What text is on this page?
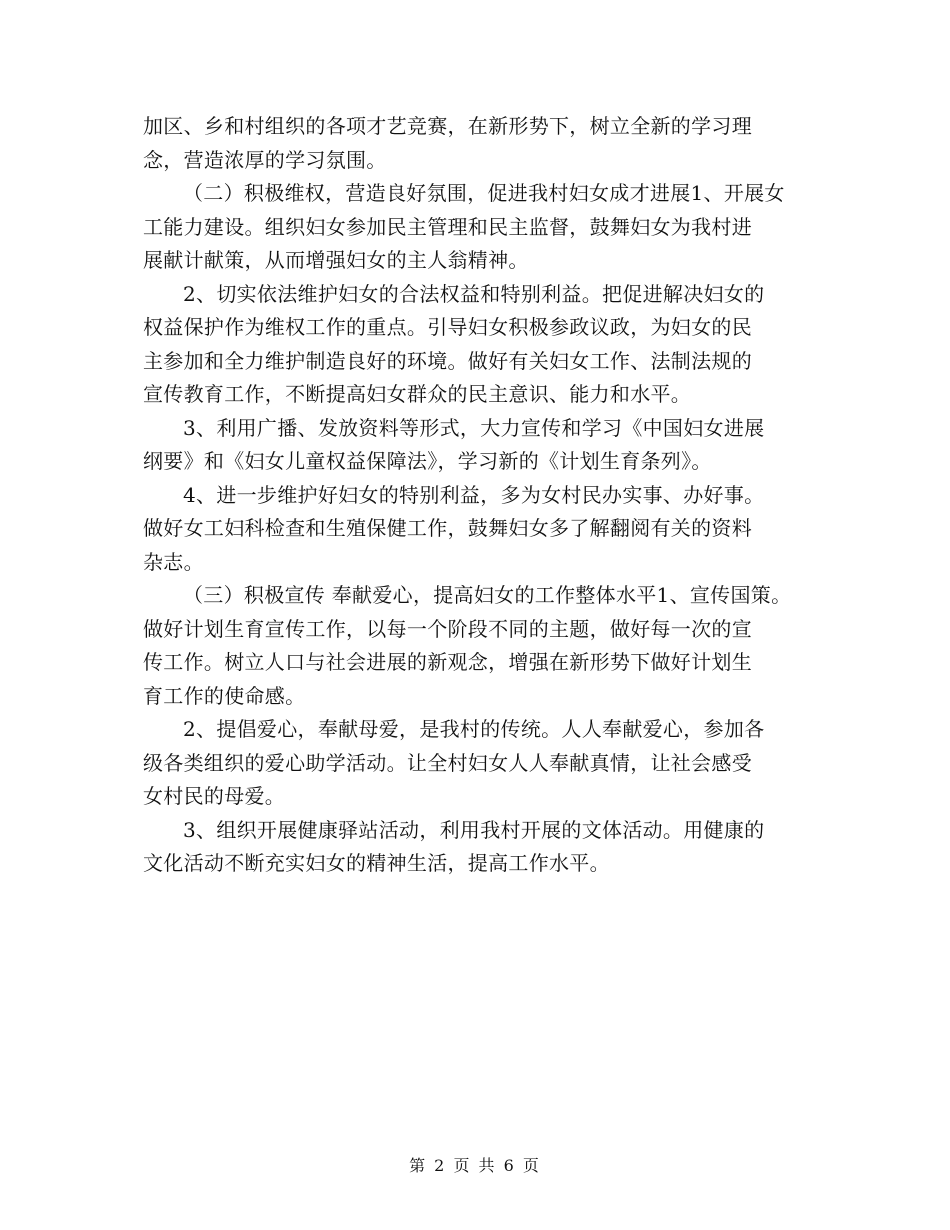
加区、乡和村组织的各项才艺竞赛，在新形势下，树立全新的学习理
念，营造浓厚的学习氛围。
（二）积极维权，营造良好氛围，促进我村妇女成才进展1、开展女
工能力建设。组织妇女参加民主管理和民主监督，鼓舞妇女为我村进
展献计献策，从而增强妇女的主人翁精神。
2、切实依法维护妇女的合法权益和特别利益。把促进解决妇女的
权益保护作为维权工作的重点。引导妇女积极参政议政，为妇女的民
主参加和全力维护制造良好的环境。做好有关妇女工作、法制法规的
宣传教育工作，不断提高妇女群众的民主意识、能力和水平。
3、利用广播、发放资料等形式，大力宣传和学习《中国妇女进展
纲要》和《妇女儿童权益保障法》，学习新的《计划生育条列》。
4、进一步维护好妇女的特别利益，多为女村民办实事、办好事。
做好女工妇科检查和生殖保健工作，鼓舞妇女多了解翻阅有关的资料
杂志。
（三）积极宣传 奉献爱心，提高妇女的工作整体水平1、宣传国策。
做好计划生育宣传工作，以每一个阶段不同的主题，做好每一次的宣
传工作。树立人口与社会进展的新观念，增强在新形势下做好计划生
育工作的使命感。
2、提倡爱心，奉献母爱，是我村的传统。人人奉献爱心，参加各
级各类组织的爱心助学活动。让全村妇女人人奉献真情，让社会感受
女村民的母爱。
3、组织开展健康驿站活动，利用我村开展的文体活动。用健康的
文化活动不断充实妇女的精神生活，提高工作水平。
第 2 页 共 6 页
